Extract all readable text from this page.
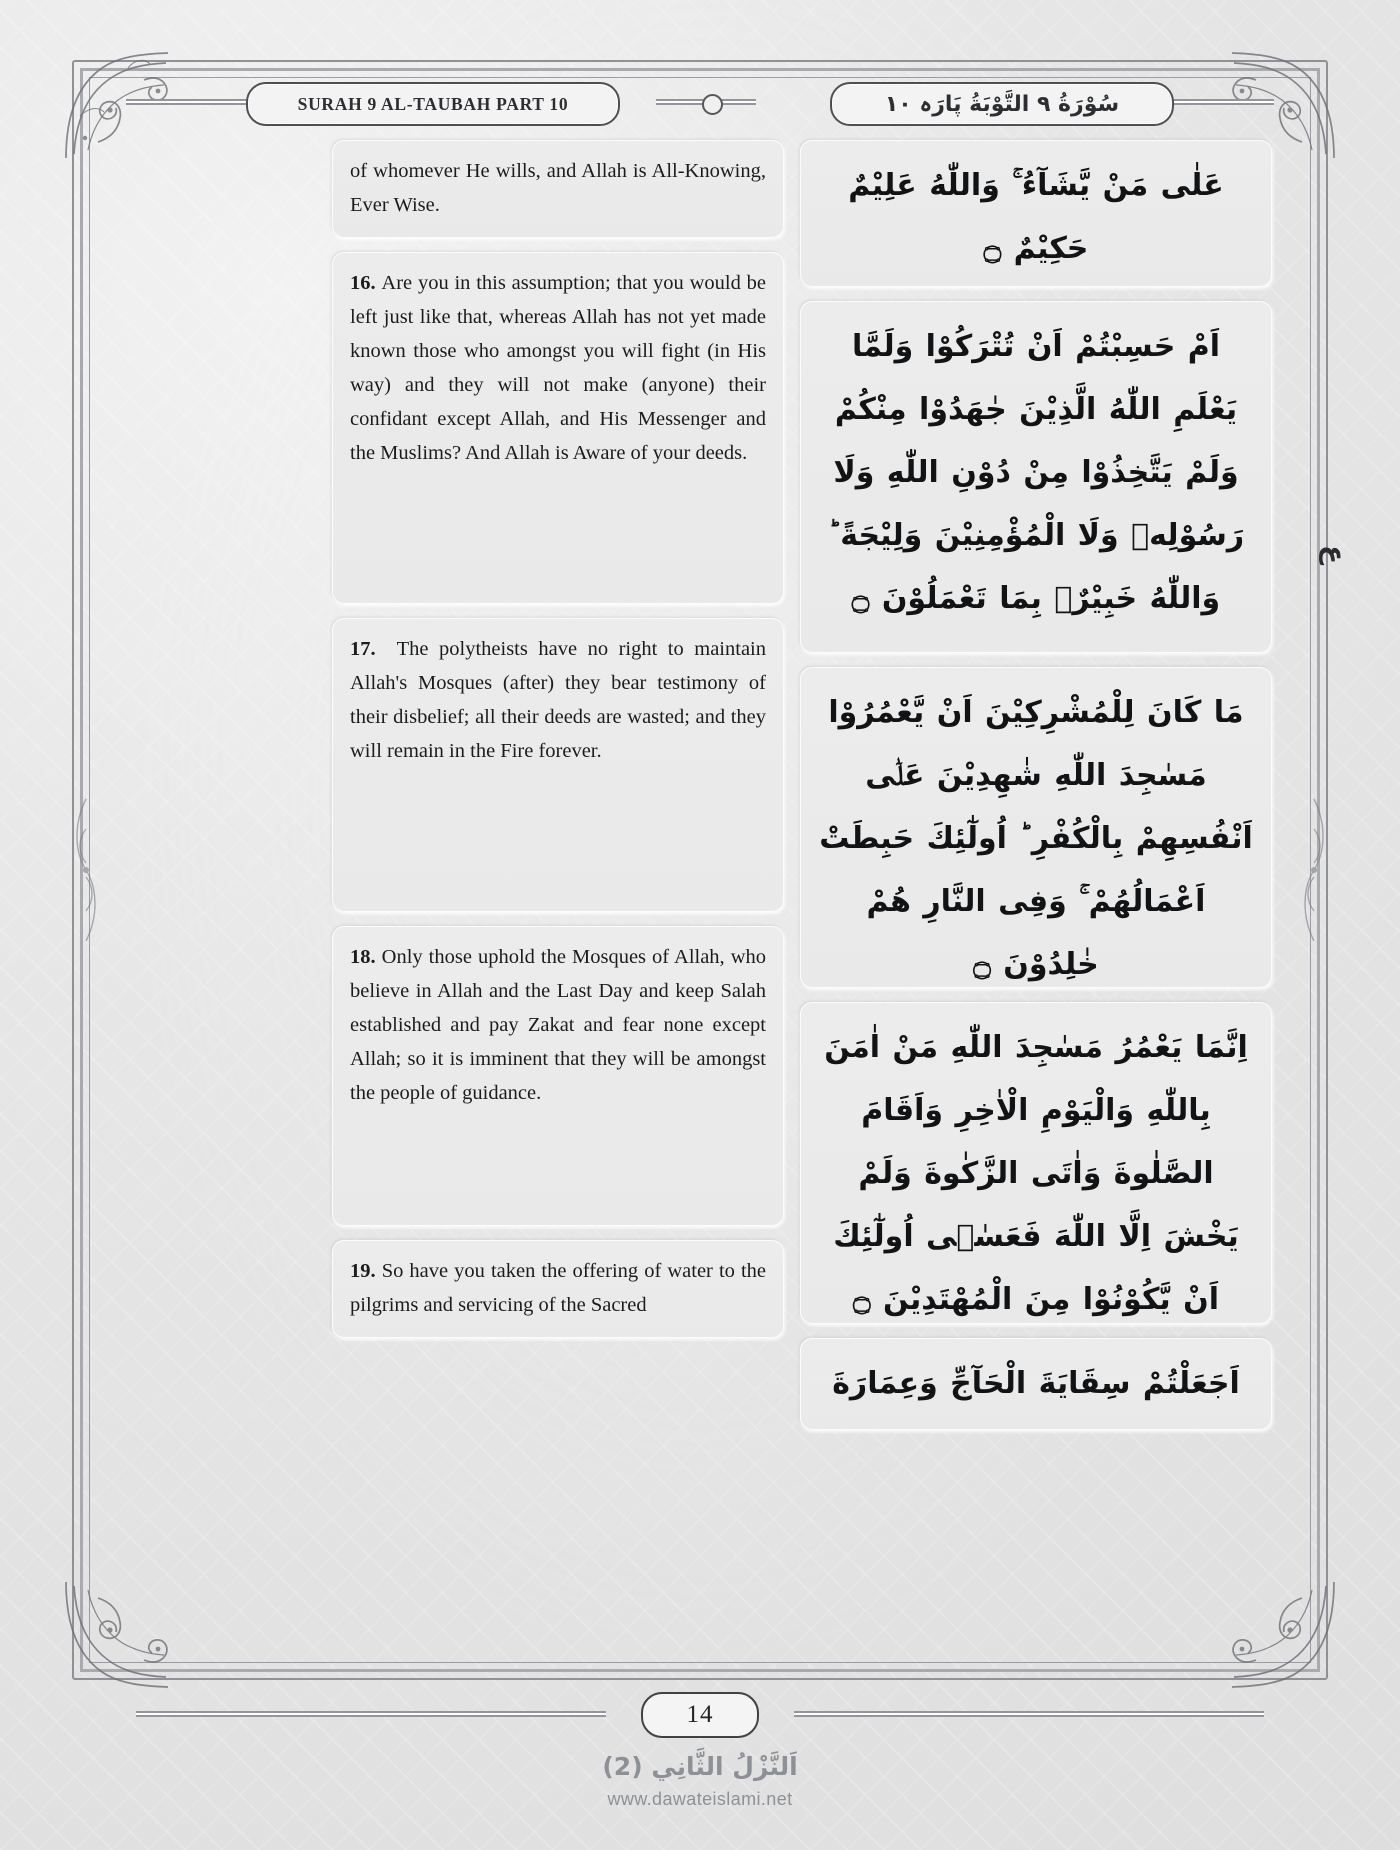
SURAH 9 AL-TAUBAH PART 10	سُوْرَةُ ٩ التَّوْبَةُ پَارَہ ١٠
عَلٰى مَنْ يَّشَآءُ ۚ وَاللّٰهُ عَلِيْمٌ حَكِيْمٌ ۝
اَمْ حَسِبْتُمْ اَنْ تُتْرَكُوْا وَلَمَّا يَعْلَمِ اللّٰهُ الَّذِيْنَ جٰهَدُوْا مِنْكُمْ وَلَمْ يَتَّخِذُوْا مِنْ دُوْنِ اللّٰهِ وَلَا رَسُوْلِهٖ وَلَا الْمُؤْمِنِيْنَ وَلِيْجَةً ؕ وَاللّٰهُ خَبِيْرٌۢ بِمَا تَعْمَلُوْنَ ۝
مَا كَانَ لِلْمُشْرِكِيْنَ اَنْ يَّعْمُرُوْا مَسٰجِدَ اللّٰهِ شٰهِدِيْنَ عَلٰۤى اَنْفُسِهِمْ بِالْكُفْرِ ؕ اُولٰٓئِكَ حَبِطَتْ اَعْمَالُهُمْ ۚ وَفِى النَّارِ هُمْ خٰلِدُوْنَ ۝
اِنَّمَا يَعْمُرُ مَسٰجِدَ اللّٰهِ مَنْ اٰمَنَ بِاللّٰهِ وَالْيَوْمِ الْاٰخِرِ وَاَقَامَ الصَّلٰوةَ وَاٰتَى الزَّكٰوةَ وَلَمْ يَخْشَ اِلَّا اللّٰهَ فَعَسٰۤى اُولٰٓئِكَ اَنْ يَّكُوْنُوْا مِنَ الْمُهْتَدِيْنَ ۝
اَجَعَلْتُمْ سِقَايَةَ الْحَآجِّ وَعِمَارَةَ
of whomever He wills, and Allah is All-Knowing, Ever Wise.
16. Are you in this assumption; that you would be left just like that, whereas Allah has not yet made known those who amongst you will fight (in His way) and they will not make (anyone) their confidant except Allah, and His Messenger and the Muslims? And Allah is Aware of your deeds.
17. The polytheists have no right to maintain Allah's Mosques (after) they bear testimony of their disbelief; all their deeds are wasted; and they will remain in the Fire forever.
18. Only those uphold the Mosques of Allah, who believe in Allah and the Last Day and keep Salah established and pay Zakat and fear none except Allah; so it is imminent that they will be amongst the people of guidance.
19. So have you taken the offering of water to the pilgrims and servicing of the Sacred
ع
14
اَلنَّزْلُ الثَّانِي (2)
www.dawateislami.net
